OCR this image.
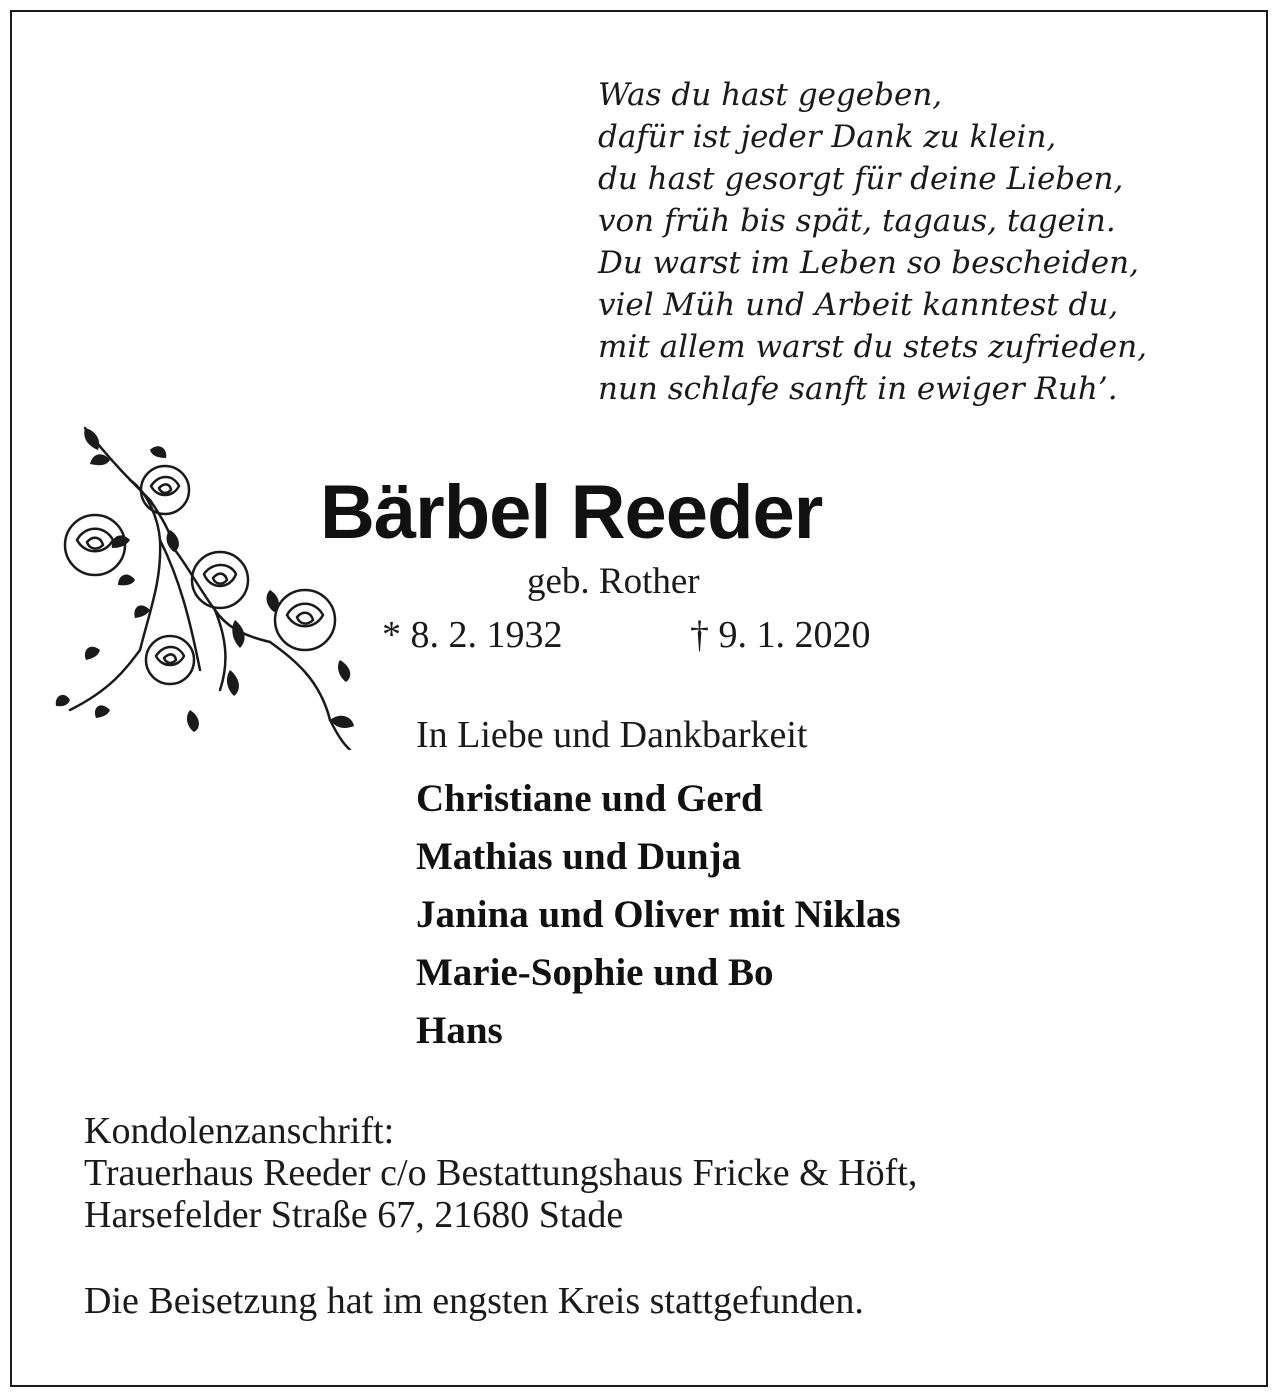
Was du hast gegeben,
dafür ist jeder Dank zu klein,
du hast gesorgt für deine Lieben,
von früh bis spät, tagaus, tagein.
Du warst im Leben so bescheiden,
viel Müh und Arbeit kanntest du,
mit allem warst du stets zufrieden,
nun schlafe sanft in ewiger Ruh’.
Bärbel Reeder
geb. Rother
* 8. 2. 1932	† 9. 1. 2020
In Liebe und Dankbarkeit
Christiane und Gerd
Mathias und Dunja
Janina und Oliver mit Niklas
Marie-Sophie und Bo
Hans
Kondolenzanschrift:
Trauerhaus Reeder c/o Bestattungshaus Fricke & Höft,
Harsefelder Straße 67, 21680 Stade
Die Beisetzung hat im engsten Kreis stattgefunden.
